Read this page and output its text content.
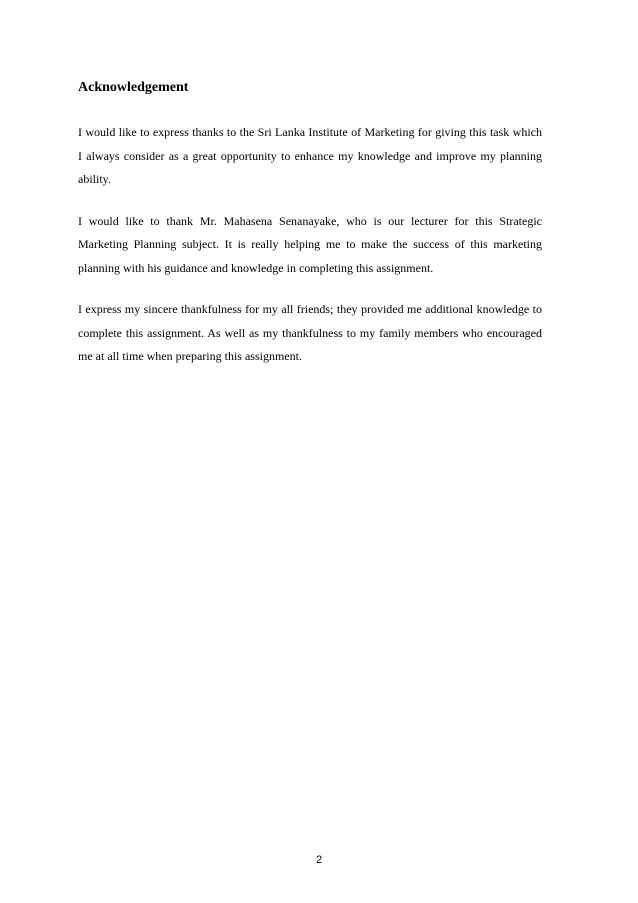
Acknowledgement

I would like to express thanks to the Sri Lanka Institute of Marketing for giving this task which I always consider as a great opportunity to enhance my knowledge and improve my planning ability.

I would like to thank Mr. Mahasena Senanayake, who is our lecturer for this Strategic Marketing Planning subject. It is really helping me to make the success of this marketing planning with his guidance and knowledge in completing this assignment.

I express my sincere thankfulness for my all friends; they provided me additional knowledge to complete this assignment. As well as my thankfulness to my family members who encouraged me at all time when preparing this assignment.

2
